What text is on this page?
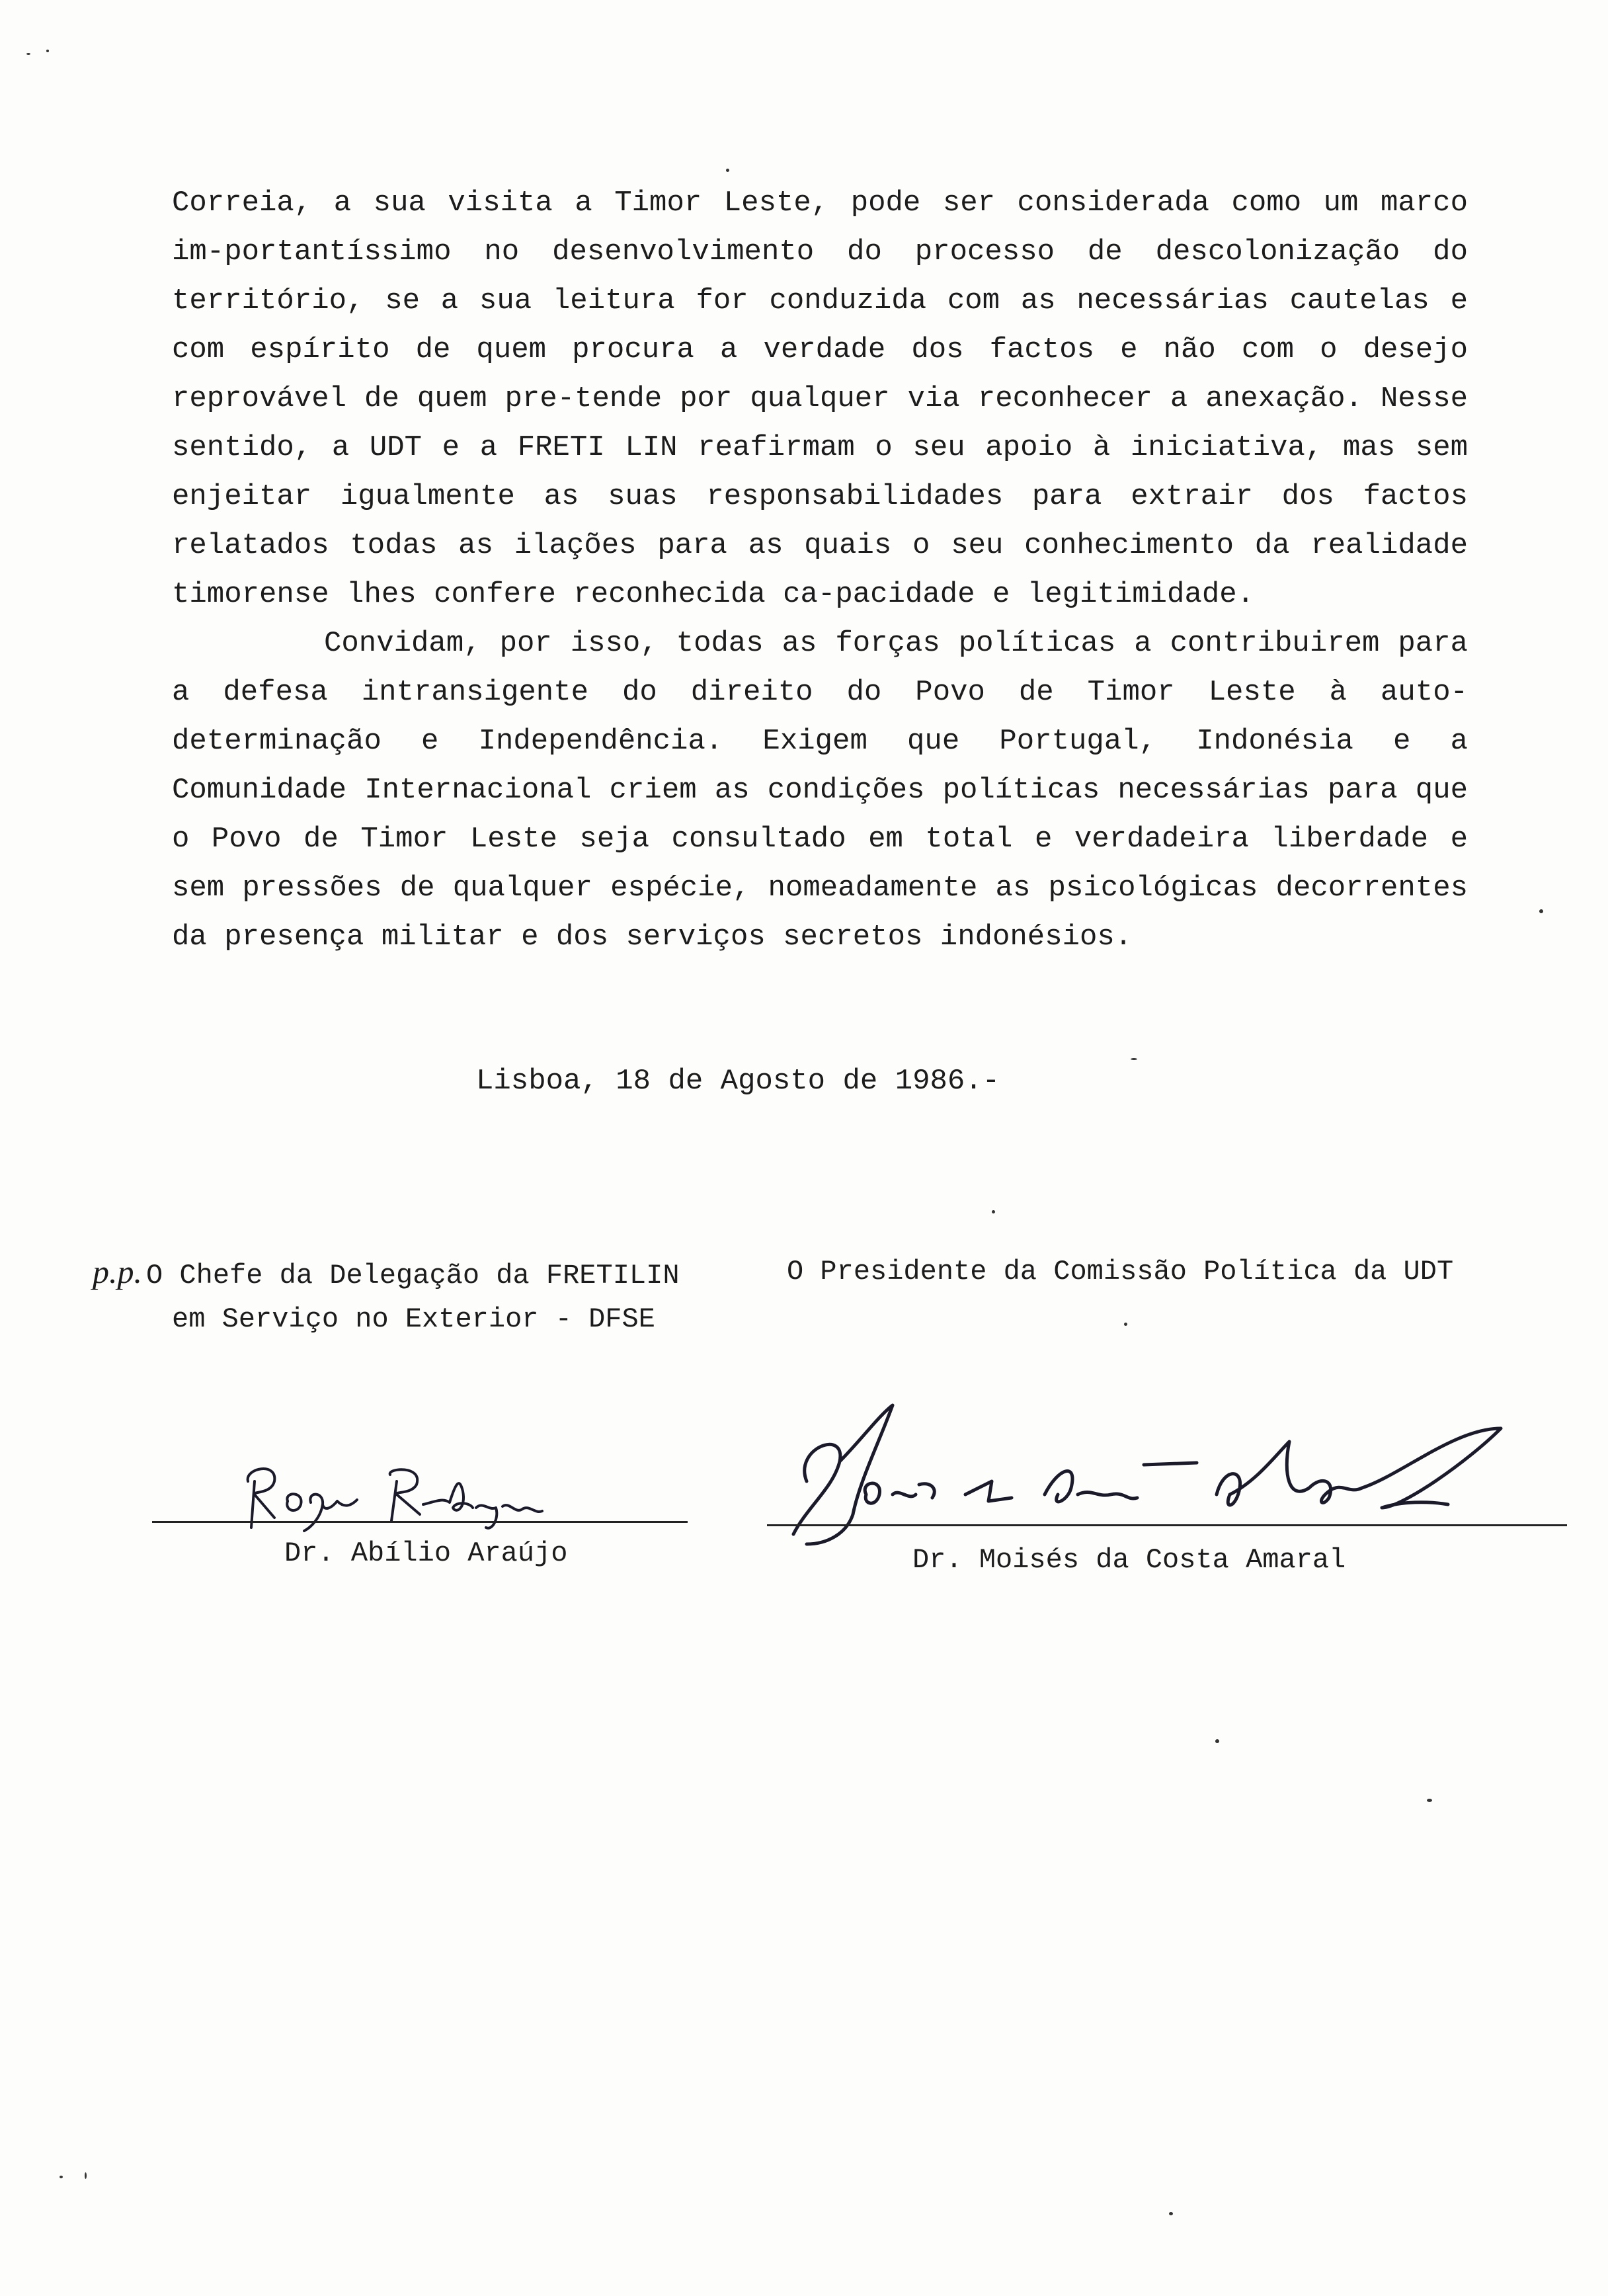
Correia, a sua visita a Timor Leste, pode ser considerada como um marco im-portantíssimo no desenvolvimento do processo de descolonização do território, se a sua leitura for conduzida com as necessárias cautelas e com espírito de quem procura a verdade dos factos e não com o desejo reprovável de quem pre-tende por qualquer via reconhecer a anexação. Nesse sentido, a UDT e a FRETI LIN reafirmam o seu apoio à iniciativa, mas sem enjeitar igualmente as suas responsabilidades para extrair dos factos relatados todas as ilações para as quais o seu conhecimento da realidade timorense lhes confere reconhecida ca-pacidade e legitimidade.

Convidam, por isso, todas as forças políticas a contribuirem para a defesa intransigente do direito do Povo de Timor Leste à auto-determinação e Independência. Exigem que Portugal, Indonésia e a Comunidade Internacional criem as condições políticas necessárias para que o Povo de Timor Leste seja consultado em total e verdadeira liberdade e sem pressões de qualquer espécie, nomeadamente as psicológicas decorrentes da presença militar e dos serviços secretos indonésios.

Lisboa, 18 de Agosto de 1986.-
p.p. O Chefe da Delegação da FRETILIN
em Serviço no Exterior - DFSE
O Presidente da Comissão Política da UDT
Dr. Abílio Araújo	Dr. Moisés da Costa Amaral
